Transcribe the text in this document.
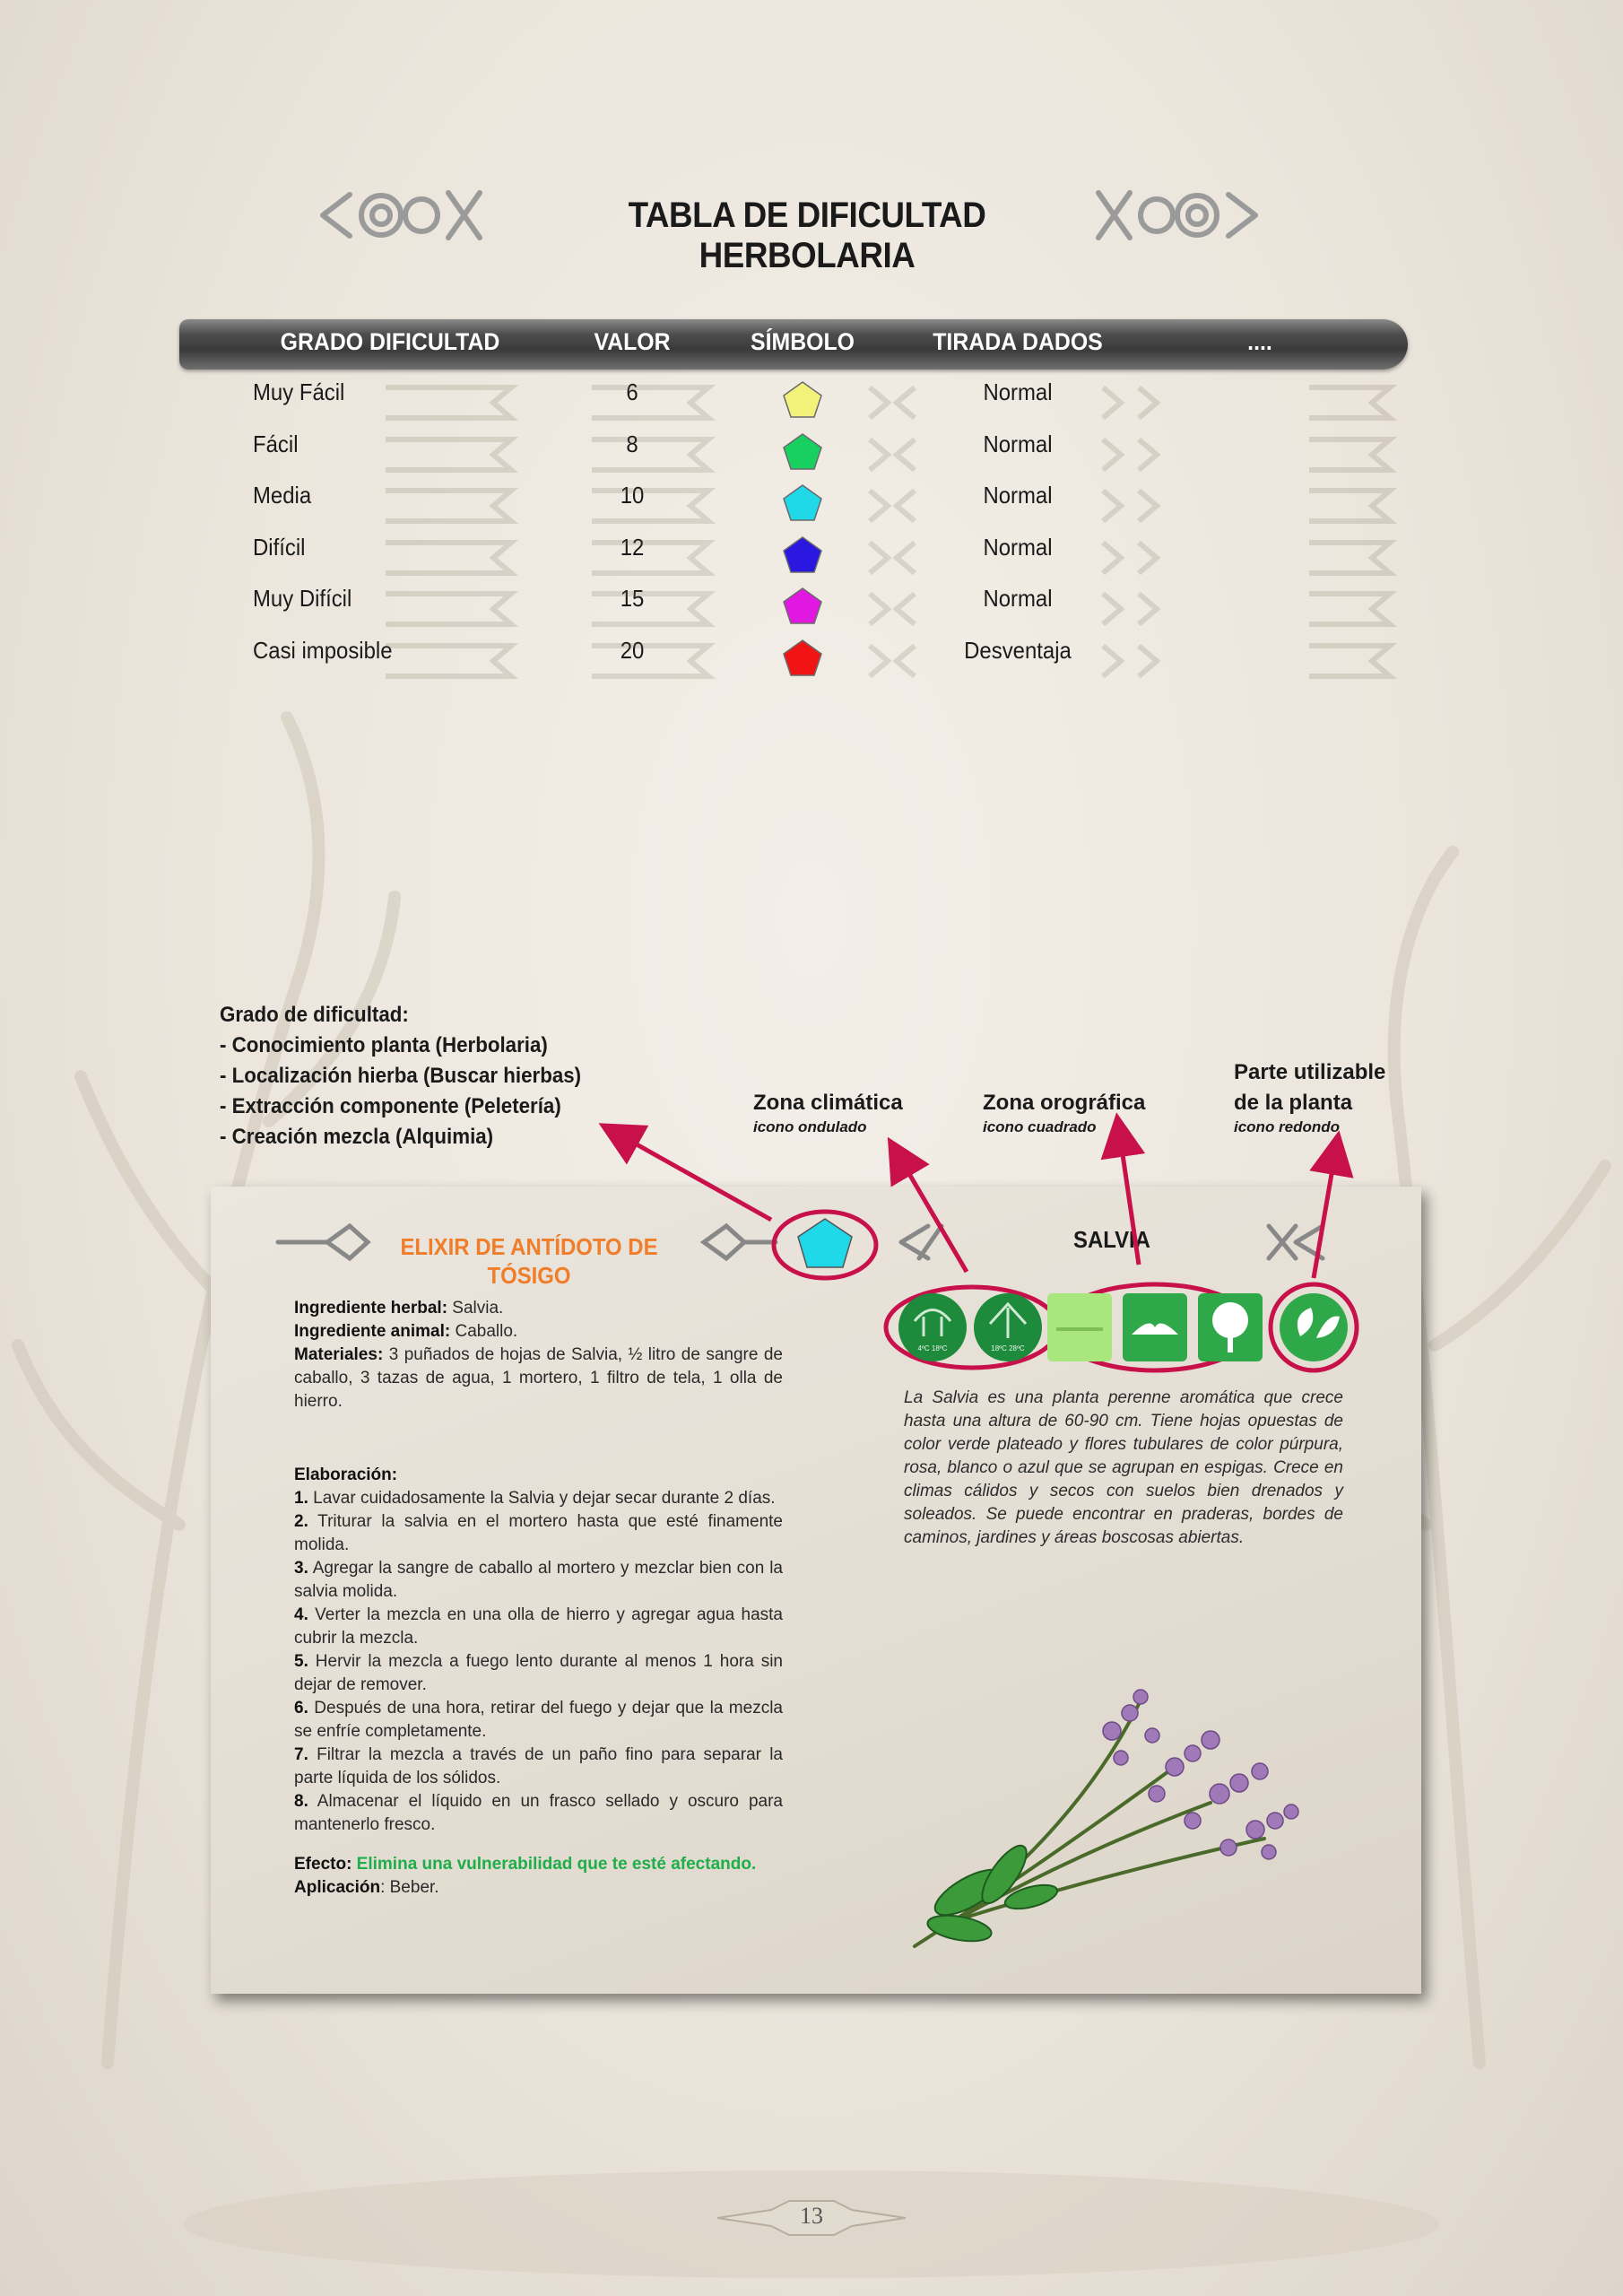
TABLA DE DIFICULTAD HERBOLARIA
GRADO DIFICULTAD	VALOR	SÍMBOLO	TIRADA DADOS	....
Muy Fácil	6	Normal
Fácil	8	Normal
Media	10	Normal
Difícil	12	Normal
Muy Difícil	15	Normal
Casi imposible	20	Desventaja
Grado de dificultad:
- Conocimiento planta (Herbolaria)
- Localización hierba (Buscar hierbas)
- Extracción componente (Peletería)
- Creación mezcla (Alquimia)
Zona climática
icono ondulado
Zona orográfica
icono cuadrado
Parte utilizable
de la planta
icono redondo
ELIXIR DE ANTÍDOTO DE
TÓSIGO
SALVIA
4ºC 18ºC	18ºC 28ºC
Ingrediente herbal: Salvia.
Ingrediente animal: Caballo.
Materiales: 3 puñados de hojas de Salvia, ½ litro de sangre de caballo, 3 tazas de agua, 1 mortero, 1 filtro de tela, 1 olla de hierro.
Elaboración:
1. Lavar cuidadosamente la Salvia y dejar secar durante 2 días.
2. Triturar la salvia en el mortero hasta que esté finamente molida.
3. Agregar la sangre de caballo al mortero y mezclar bien con la salvia molida.
4. Verter la mezcla en una olla de hierro y agregar agua hasta cubrir la mezcla.
5. Hervir la mezcla a fuego lento durante al menos 1 hora sin dejar de remover.
6. Después de una hora, retirar del fuego y dejar que la mezcla se enfríe completamente.
7. Filtrar la mezcla a través de un paño fino para separar la parte líquida de los sólidos.
8. Almacenar el líquido en un frasco sellado y oscuro para mantenerlo fresco.
Efecto: Elimina una vulnerabilidad que te esté afectando.
Aplicación: Beber.
La Salvia es una planta perenne aromática que crece hasta una altura de 60-90 cm. Tiene hojas opuestas de color verde plateado y flores tubulares de color púrpura, rosa, blanco o azul que se agrupan en espigas. Crece en climas cálidos y secos con suelos bien drenados y soleados. Se puede encontrar en praderas, bordes de caminos, jardines y áreas boscosas abiertas.
13
